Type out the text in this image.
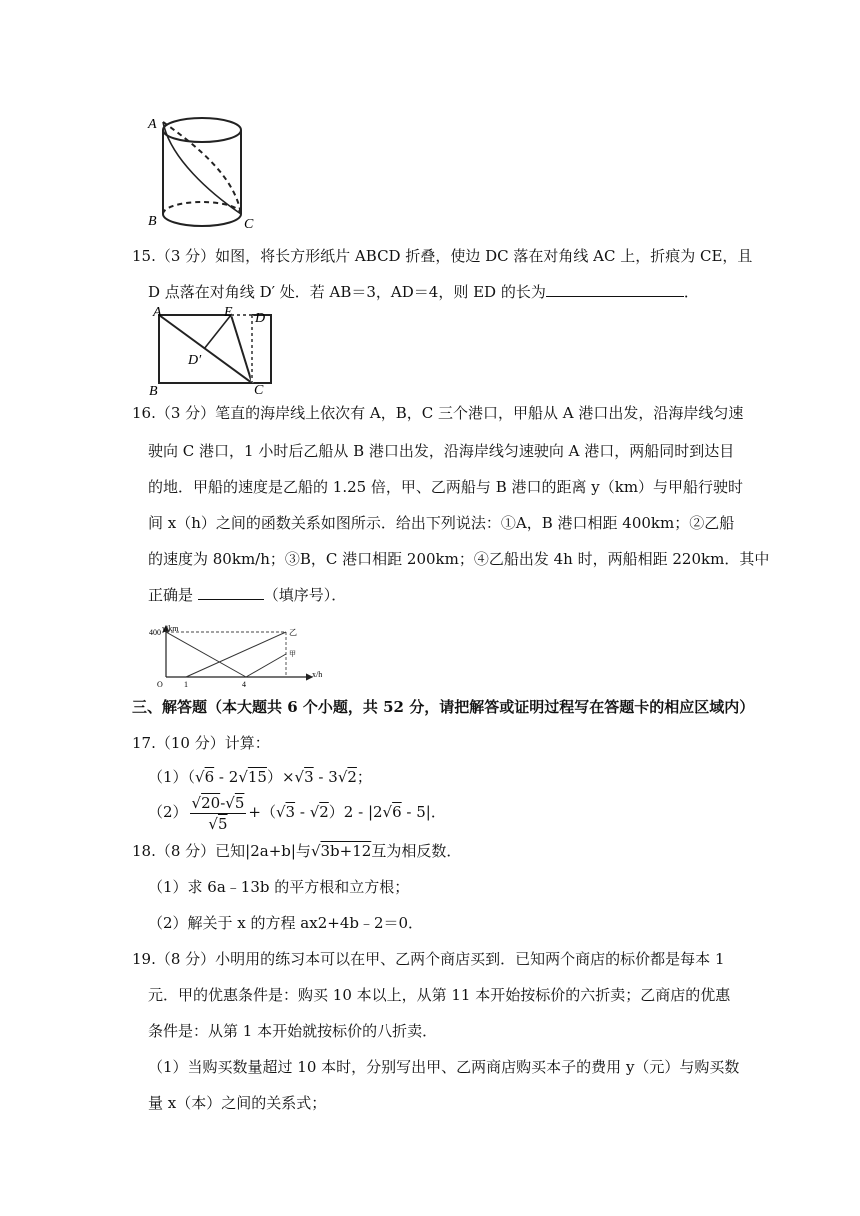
A
B	C
15.（3 分）如图，将长方形纸片 ABCD 折叠，使边 DC 落在对角线 AC 上，折痕为 CE，且
D 点落在对角线 D′ 处．若 AB＝3，AD＝4，则 ED 的长为	．
A	E D
D′
B	C
16.（3 分）笔直的海岸线上依次有 A，B，C 三个港口，甲船从 A 港口出发，沿海岸线匀速
驶向 C 港口，1 小时后乙船从 B 港口出发，沿海岸线匀速驶向 A 港口，两船同时到达目
的地．甲船的速度是乙船的 1.25 倍，甲、乙两船与 B 港口的距离 y（km）与甲船行驶时
间 x（h）之间的函数关系如图所示．给出下列说法：①A，B 港口相距 400km；②乙船
的速度为 80km/h；③B，C 港口相距 200km；④乙船出发 4h 时，两船相距 220km．其中
正确是	（填序号）．
y/km
x/h
400
1	4
O
乙
甲
三、解答题（本大题共 6 个小题，共 52 分，请把解答或证明过程写在答题卡的相应区域内）
17.（10 分）计算：
（1）（√6 - 2√15）×√3 - 3√2；
$(2) \frac{√20-√5}{√5} +(√3 - √2)2 - |2√6 - 5|$．
18.（8 分）已知|2a+b|与√3b+12互为相反数．
（1）求 6a﹣13b 的平方根和立方根；
（2）解关于 x 的方程 ax2+4b﹣2＝0．
19.（8 分）小明用的练习本可以在甲、乙两个商店买到．已知两个商店的标价都是每本 1
元．甲的优惠条件是：购买 10 本以上，从第 11 本开始按标价的六折卖；乙商店的优惠
条件是：从第 1 本开始就按标价的八折卖．
（1）当购买数量超过 10 本时，分别写出甲、乙两商店购买本子的费用 y（元）与购买数
量 x（本）之间的关系式；
